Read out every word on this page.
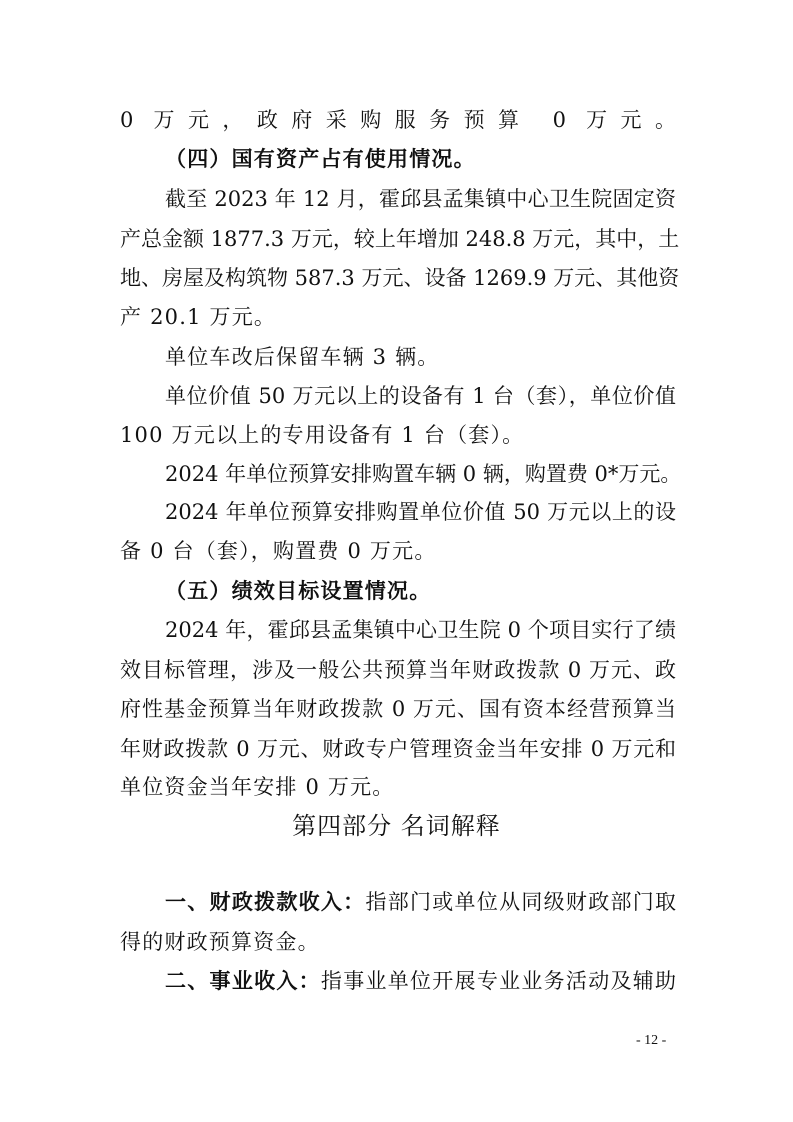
0 万元，政府采购服务预算 0 万元。
（四）国有资产占有使用情况。
截至 2023 年 12 月，霍邱县孟集镇中心卫生院固定资
产总金额 1877.3 万元，较上年增加 248.8 万元，其中，土
地、房屋及构筑物 587.3 万元、设备 1269.9 万元、其他资
产 20.1 万元。
单位车改后保留车辆 3 辆。
单位价值 50 万元以上的设备有 1 台（套），单位价值
100 万元以上的专用设备有 1 台（套）。
2024 年单位预算安排购置车辆 0 辆，购置费 0*万元。
2024 年单位预算安排购置单位价值 50 万元以上的设
备 0 台（套），购置费 0 万元。
（五）绩效目标设置情况。
2024 年，霍邱县孟集镇中心卫生院 0 个项目实行了绩
效目标管理，涉及一般公共预算当年财政拨款 0 万元、政
府性基金预算当年财政拨款 0 万元、国有资本经营预算当
年财政拨款 0 万元、财政专户管理资金当年安排 0 万元和
单位资金当年安排 0 万元。
第四部分 名词解释
一、财政拨款收入：指部门或单位从同级财政部门取
得的财政预算资金。
二、事业收入：指事业单位开展专业业务活动及辅助
- 12 -
